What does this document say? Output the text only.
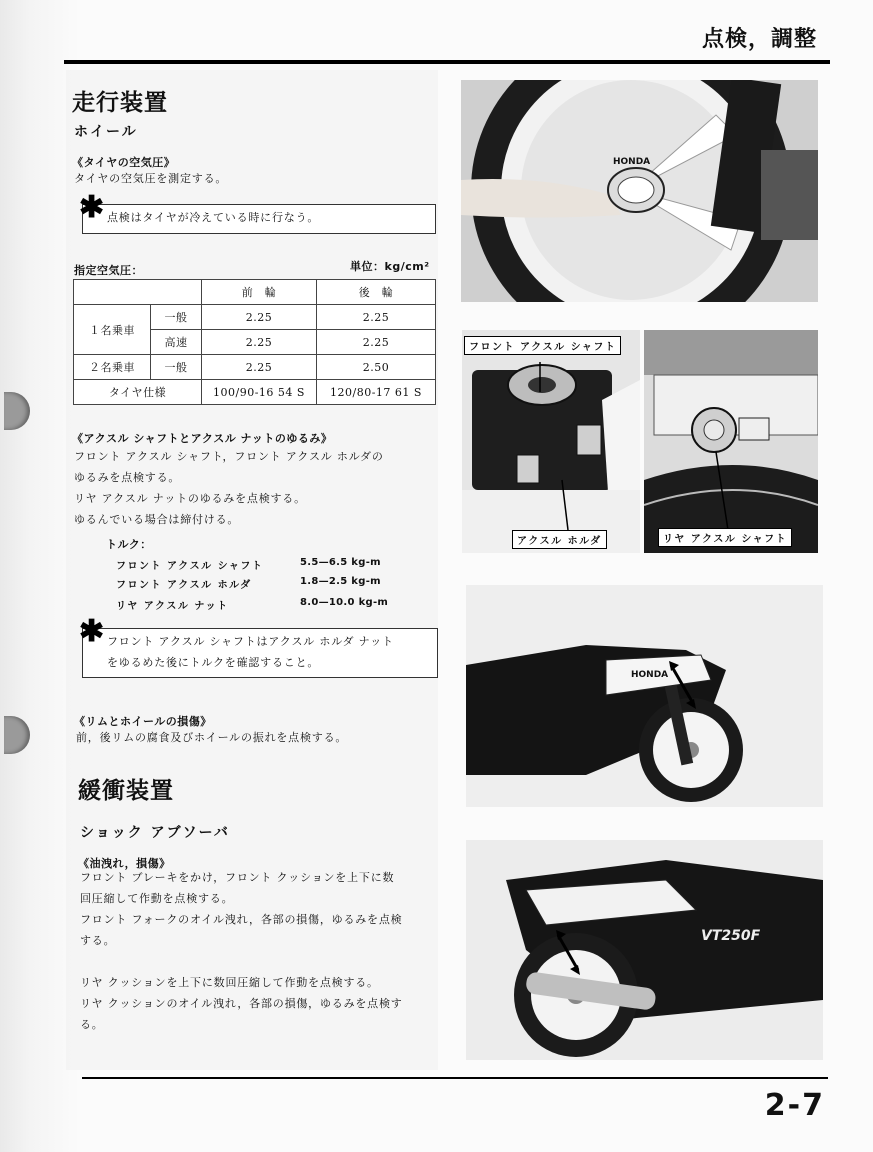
点検，調整
走行装置
ホイール
《タイヤの空気圧》
タイヤの空気圧を測定する。
✱ 点検はタイヤが冷えている時に行なう。
指定空気圧：	単位：kg/cm²
		前　輪	後　輪
１名乗車	一般	2.25	2.25
	高速	2.25	2.25
２名乗車	一般	2.25	2.50
タイヤ仕様		100/90-16 54 S	120/80-17 61 S
《アクスル シャフトとアクスル ナットのゆるみ》
フロント アクスル シャフト，フロント アクスル ホルダの
ゆるみを点検する。
リヤ アクスル ナットのゆるみを点検する。
ゆるんでいる場合は締付ける。
トルク：
フロント アクスル シャフト	5.5—6.5 kg-m
フロント アクスル ホルダ	1.8—2.5 kg-m
リヤ アクスル ナット	8.0—10.0 kg-m
✱ フロント アクスル シャフトはアクスル ホルダ ナット
をゆるめた後にトルクを確認すること。
《リムとホイールの損傷》
前，後リムの腐食及びホイールの振れを点検する。
緩衝装置
ショック アブソーバ
《油洩れ，損傷》
フロント ブレーキをかけ，フロント クッションを上下に数
回圧縮して作動を点検する。
フロント フォークのオイル洩れ，各部の損傷，ゆるみを点検
する。
リヤ クッションを上下に数回圧縮して作動を点検する。
リヤ クッションのオイル洩れ，各部の損傷，ゆるみを点検す
る。
HONDA
フロント アクスル シャフト
アクスル ホルダ	リヤ アクスル シャフト
HONDA
VT250F
2-7
